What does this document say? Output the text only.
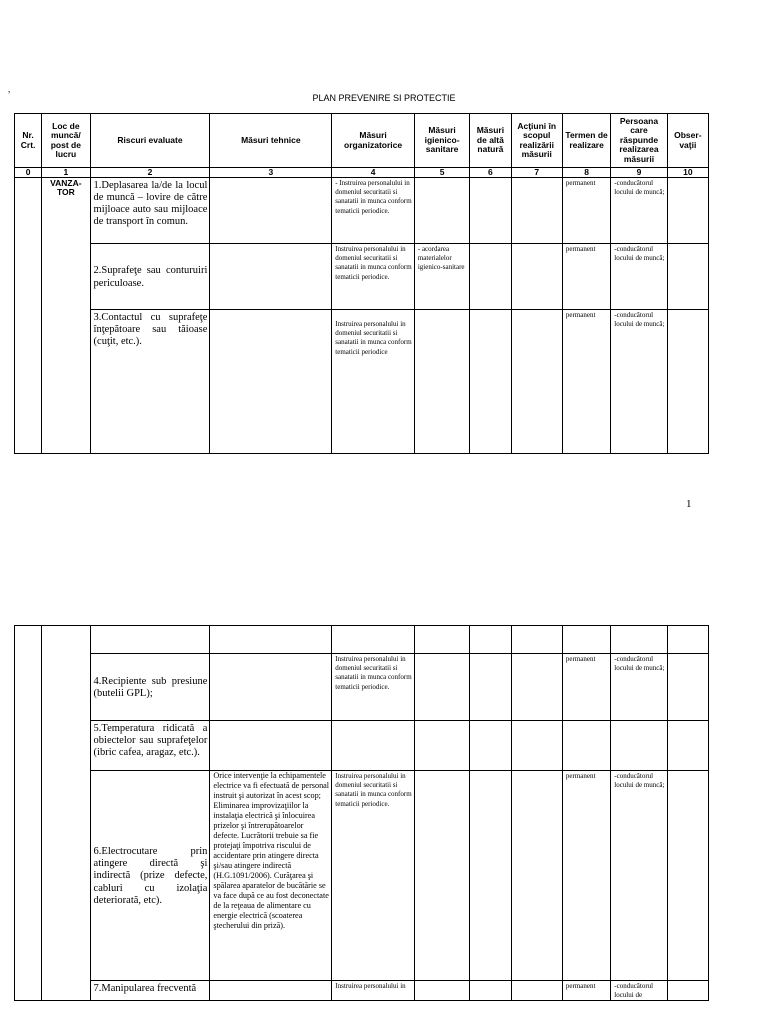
,
PLAN PREVENIRE SI PROTECTIE
Nr. Crt.	Loc de muncă/ post de lucru	Riscuri evaluate	Măsuri tehnice	Măsuri organizatorice	Măsuri igienico-sanitare	Măsuri de altă natură	Acţiuni în scopul realizării măsurii	Termen de realizare	Persoana care răspunde realizarea măsurii	Obser-vaţii
0	1	2	3	4	5	6	7	8	9	10
	VANZA-TOR	1.Deplasarea la/de la locul de muncă – lovire de către mijloace auto sau mijloace de transport în comun.		- Instruirea personalului in domeniul securitatii si sanatatii in munca conform tematicii periodice.				permanent	-conducătorul locului de muncă;	
		2.Suprafeţe sau conturuiri periculoase.		Instruirea personalului in domeniul securitatii si sanatatii in munca conform tematicii periodice.	- acordarea materialelor igienico-sanitare			permanent	-conducătorul locului de muncă;	
		3.Contactul cu suprafeţe înţepătoare sau tăioase (cuţit, etc.).		Instruirea personalului in domeniul securitatii si sanatatii in munca conform tematicii periodice				permanent	-conducătorul locului de muncă;	
1

		4.Recipiente sub presiune (butelii GPL);		Instruirea personalului in domeniul securitatii si sanatatii in munca conform tematicii periodice.				permanent	-conducătorul locului de muncă;	
		5.Temperatura ridicată a obiectelor sau suprafeţelor (ibric cafea, aragaz, etc.).								
		6.Electrocutare prin atingere directă şi indirectă (prize defecte, cabluri cu izolaţia deteriorată, etc).	Orice intervenţie la echipamentele electrice va fi efectuată de personal instruit şi autorizat în acest scop; Eliminarea improvizaţiilor la instalaţia electrică şi înlocuirea prizelor şi întrerupătoarelor defecte. Lucrătorii trebuie sa fie protejaţi împotriva riscului de accidentare prin atingere directa şi/sau atingere indirectă (H.G.1091/2006). Curăţarea şi spălarea aparatelor de bucătărie se va face după ce au fost deconectate de la reţeaua de alimentare cu energie electrică (scoaterea ştecherului din priză).	Instruirea personalului in domeniul securitatii si sanatatii in munca conform tematicii periodice.				permanent	-conducătorul locului de muncă;	
		7.Manipularea frecventă		Instruirea personalului in				permanent	-conducătorul locului de	
